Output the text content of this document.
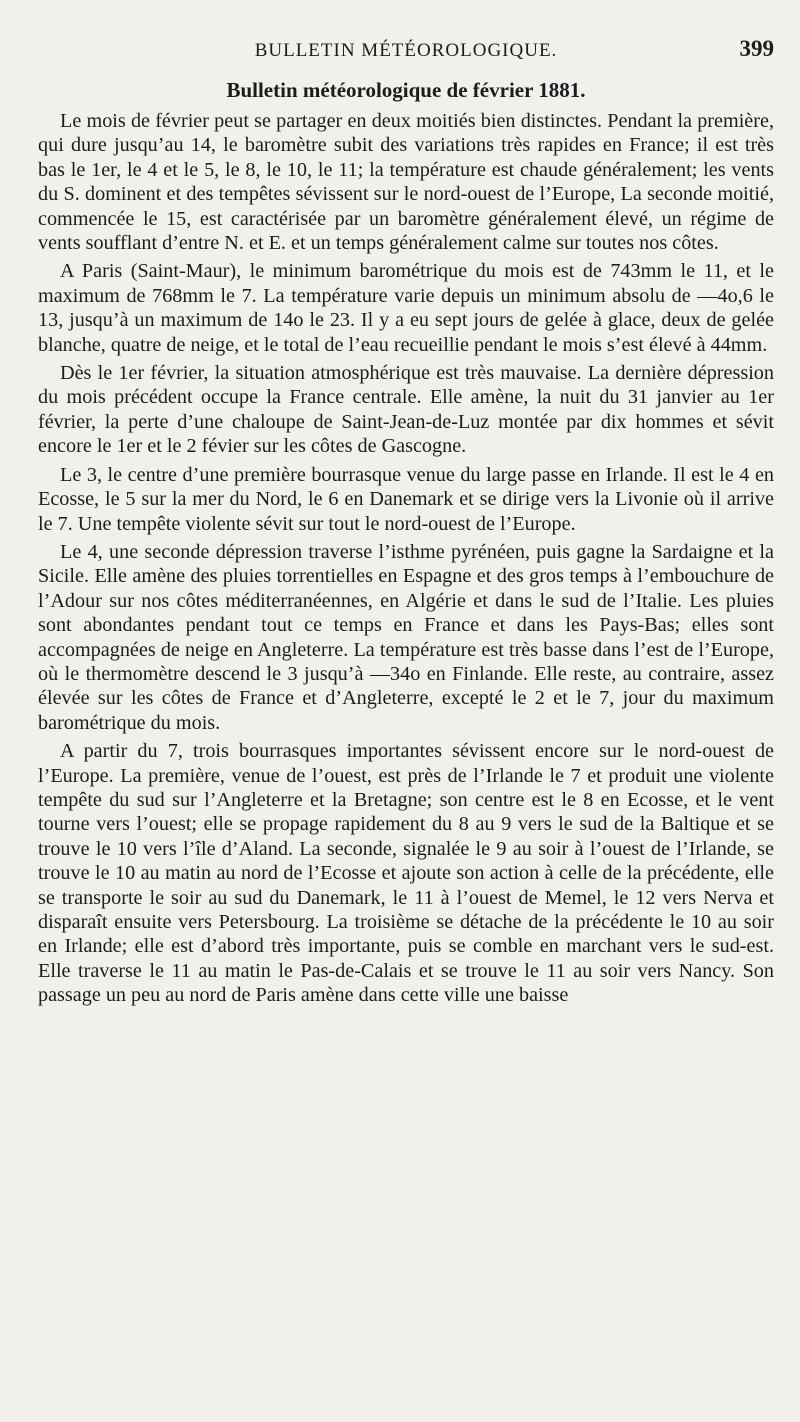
BULLETIN MÉTÉOROLOGIQUE.	399
Bulletin météorologique de février 1881.

Le mois de février peut se partager en deux moitiés bien distinctes. Pendant la première, qui dure jusqu’au 14, le baromètre subit des variations très rapides en France; il est très bas le 1er, le 4 et le 5, le 8, le 10, le 11; la température est chaude généralement; les vents du S. dominent et des tempêtes sévissent sur le nord-ouest de l’Europe, La seconde moitié, commencée le 15, est caractérisée par un baromètre généralement élevé, un régime de vents soufflant d’entre N. et E. et un temps généralement calme sur toutes nos côtes.

A Paris (Saint-Maur), le minimum barométrique du mois est de 743mm le 11, et le maximum de 768mm le 7. La température varie depuis un minimum absolu de —4o,6 le 13, jusqu’à un maximum de 14o le 23. Il y a eu sept jours de gelée à glace, deux de gelée blanche, quatre de neige, et le total de l’eau recueillie pendant le mois s’est élevé à 44mm.

Dès le 1er février, la situation atmosphérique est très mauvaise. La dernière dépression du mois précédent occupe la France centrale. Elle amène, la nuit du 31 janvier au 1er février, la perte d’une chaloupe de Saint-Jean-de-Luz montée par dix hommes et sévit encore le 1er et le 2 févier sur les côtes de Gascogne.

Le 3, le centre d’une première bourrasque venue du large passe en Irlande. Il est le 4 en Ecosse, le 5 sur la mer du Nord, le 6 en Danemark et se dirige vers la Livonie où il arrive le 7. Une tempête violente sévit sur tout le nord-ouest de l’Europe.

Le 4, une seconde dépression traverse l’isthme pyrénéen, puis gagne la Sardaigne et la Sicile. Elle amène des pluies torrentielles en Espagne et des gros temps à l’embouchure de l’Adour sur nos côtes méditerranéennes, en Algérie et dans le sud de l’Italie. Les pluies sont abondantes pendant tout ce temps en France et dans les Pays-Bas; elles sont accompagnées de neige en Angleterre. La température est très basse dans l’est de l’Europe, où le thermomètre descend le 3 jusqu’à —34o en Finlande. Elle reste, au contraire, assez élevée sur les côtes de France et d’Angleterre, excepté le 2 et le 7, jour du maximum barométrique du mois.

A partir du 7, trois bourrasques importantes sévissent encore sur le nord-ouest de l’Europe. La première, venue de l’ouest, est près de l’Irlande le 7 et produit une violente tempête du sud sur l’Angleterre et la Bretagne; son centre est le 8 en Ecosse, et le vent tourne vers l’ouest; elle se propage rapidement du 8 au 9 vers le sud de la Baltique et se trouve le 10 vers l’île d’Aland. La seconde, signalée le 9 au soir à l’ouest de l’Irlande, se trouve le 10 au matin au nord de l’Ecosse et ajoute son action à celle de la précédente, elle se transporte le soir au sud du Danemark, le 11 à l’ouest de Memel, le 12 vers Nerva et disparaît ensuite vers Petersbourg. La troisième se détache de la précédente le 10 au soir en Irlande; elle est d’abord très importante, puis se comble en marchant vers le sud-est. Elle traverse le 11 au matin le Pas-de-Calais et se trouve le 11 au soir vers Nancy. Son passage un peu au nord de Paris amène dans cette ville une baisse
